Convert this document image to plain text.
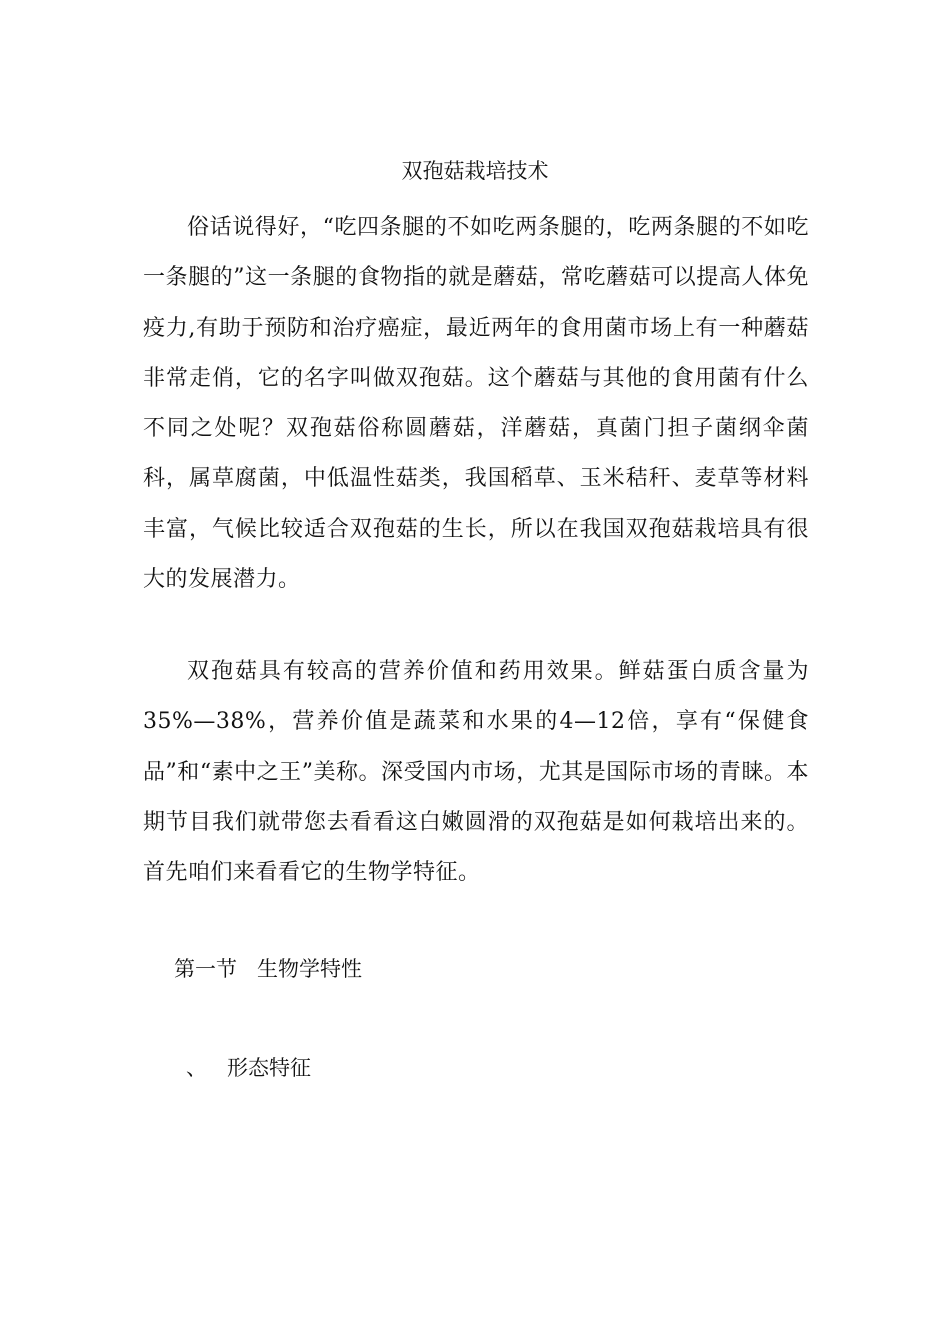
双孢菇栽培技术

俗话说得好，“吃四条腿的不如吃两条腿的，吃两条腿的不如吃一条腿的”这一条腿的食物指的就是蘑菇，常吃蘑菇可以提高人体免疫力,有助于预防和治疗癌症，最近两年的食用菌市场上有一种蘑菇非常走俏，它的名字叫做双孢菇。这个蘑菇与其他的食用菌有什么不同之处呢？双孢菇俗称圆蘑菇，洋蘑菇，真菌门担子菌纲伞菌科，属草腐菌，中低温性菇类，我国稻草、玉米秸秆、麦草等材料丰富，气候比较适合双孢菇的生长，所以在我国双孢菇栽培具有很大的发展潜力。

双孢菇具有较高的营养价值和药用效果。鲜菇蛋白质含量为35%—38%，营养价值是蔬菜和水果的4—12倍，享有“保健食品”和“素中之王”美称。深受国内市场，尤其是国际市场的青睐。本期节目我们就带您去看看这白嫩圆滑的双孢菇是如何栽培出来的。首先咱们来看看它的生物学特征。

第一节   生物学特性
、   形态特征
